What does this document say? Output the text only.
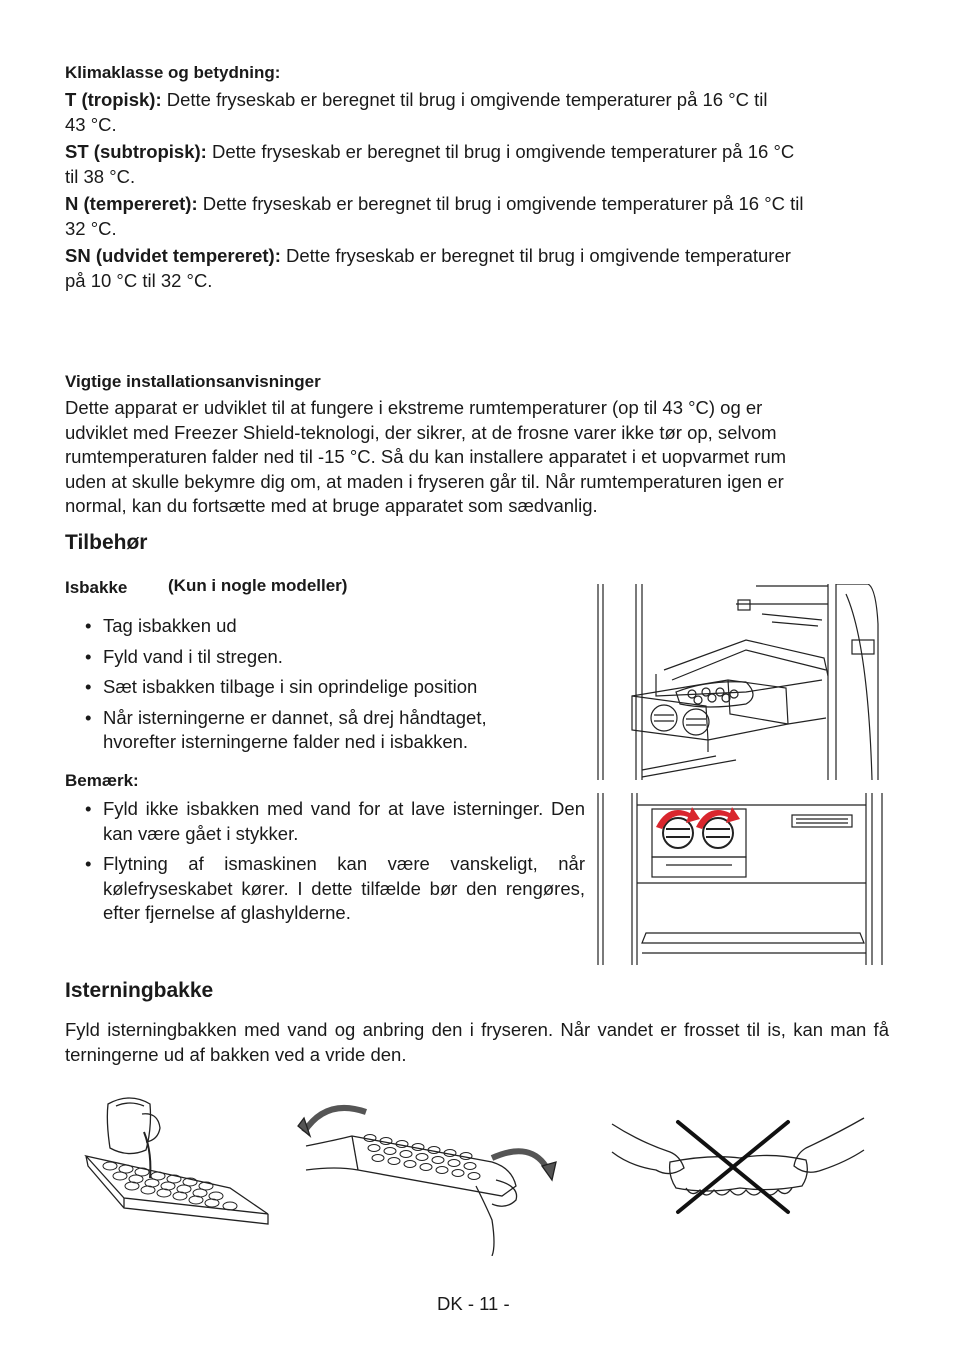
Klimaklasse og betydning:

T (tropisk): Dette fryseskab er beregnet til brug i omgivende temperaturer på 16 °C til
43 °C.

ST (subtropisk): Dette fryseskab er beregnet til brug i omgivende temperaturer på 16 °C
til 38 °C.

N (tempereret): Dette fryseskab er beregnet til brug i omgivende temperaturer på 16 °C til
32 °C.

SN (udvidet tempereret): Dette fryseskab er beregnet til brug i omgivende temperaturer
på 10 °C til 32 °C.

Vigtige installationsanvisninger
Dette apparat er udviklet til at fungere i ekstreme rumtemperaturer (op til 43 °C) og er
udviklet med Freezer Shield-teknologi, der sikrer, at de frosne varer ikke tør op, selvom
rumtemperaturen falder ned til -15 °C. Så du kan installere apparatet i et uopvarmet rum
uden at skulle bekymre dig om, at maden i fryseren går til. Når rumtemperaturen igen er
normal, kan du fortsætte med at bruge apparatet som sædvanlig.
Tilbehør
Isbakke (Kun i nogle modeller)
• Tag isbakken ud
• Fyld vand i til stregen.
• Sæt isbakken tilbage i sin oprindelige position
• Når isterningerne er dannet, så drej håndtaget, hvorefter isterningerne falder ned i isbakken.
Bemærk:
• Fyld ikke isbakken med vand for at lave isterninger. Den kan være gået i stykker.
• Flytning af ismaskinen kan være vanskeligt, når kølefryseskabet kører. I dette tilfælde bør den rengøres, efter fjernelse af glashylderne.
Isterningbakke
Fyld isterningbakken med vand og anbring den i fryseren. Når vandet er frosset til is, kan man få terningerne ud af bakken ved a vride den.
DK - 11 -
